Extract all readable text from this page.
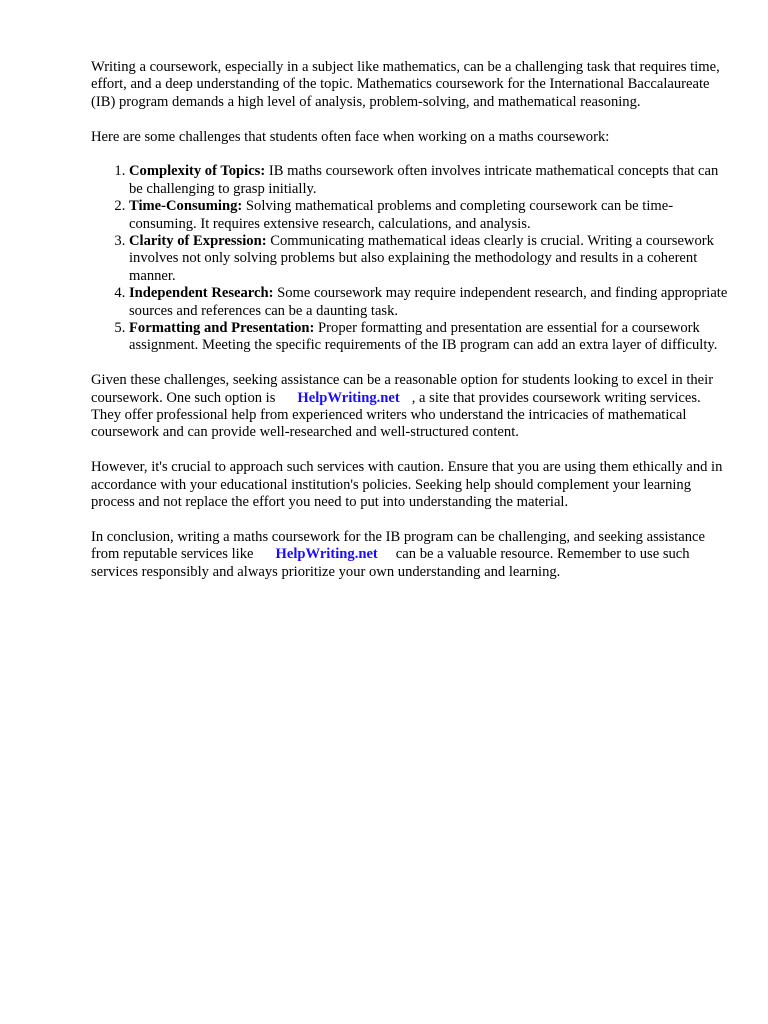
Writing a coursework, especially in a subject like mathematics, can be a challenging task that requires time, effort, and a deep understanding of the topic. Mathematics coursework for the International Baccalaureate (IB) program demands a high level of analysis, problem-solving, and mathematical reasoning.

Here are some challenges that students often face when working on a maths coursework:

1. Complexity of Topics: IB maths coursework often involves intricate mathematical concepts that can be challenging to grasp initially.
2. Time-Consuming: Solving mathematical problems and completing coursework can be time-consuming. It requires extensive research, calculations, and analysis.
3. Clarity of Expression: Communicating mathematical ideas clearly is crucial. Writing a coursework involves not only solving problems but also explaining the methodology and results in a coherent manner.
4. Independent Research: Some coursework may require independent research, and finding appropriate sources and references can be a daunting task.
5. Formatting and Presentation: Proper formatting and presentation are essential for a coursework assignment. Meeting the specific requirements of the IB program can add an extra layer of difficulty.

Given these challenges, seeking assistance can be a reasonable option for students looking to excel in their coursework. One such option is HelpWriting.net , a site that provides coursework writing services. They offer professional help from experienced writers who understand the intricacies of mathematical coursework and can provide well-researched and well-structured content.

However, it's crucial to approach such services with caution. Ensure that you are using them ethically and in accordance with your educational institution's policies. Seeking help should complement your learning process and not replace the effort you need to put into understanding the material.

In conclusion, writing a maths coursework for the IB program can be challenging, and seeking assistance from reputable services like HelpWriting.net can be a valuable resource. Remember to use such services responsibly and always prioritize your own understanding and learning.
